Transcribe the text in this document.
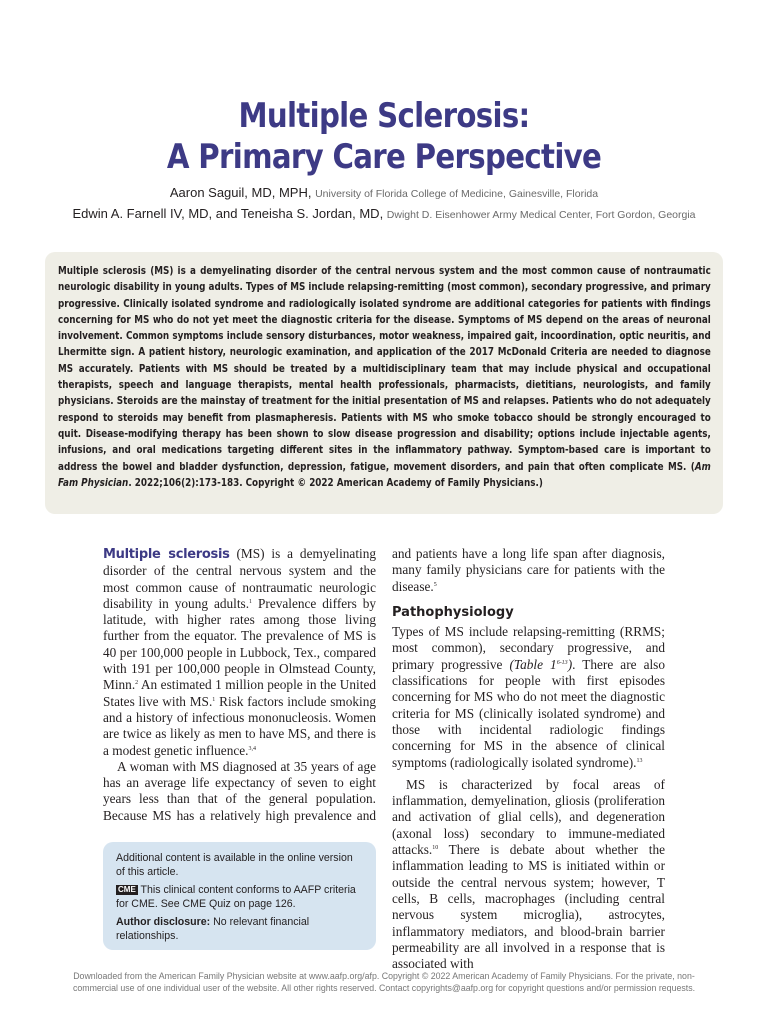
Multiple Sclerosis:
A Primary Care Perspective
Aaron Saguil, MD, MPH, University of Florida College of Medicine, Gainesville, Florida
Edwin A. Farnell IV, MD, and Teneisha S. Jordan, MD, Dwight D. Eisenhower Army Medical Center, Fort Gordon, Georgia
Multiple sclerosis (MS) is a demyelinating disorder of the central nervous system and the most common cause of nontraumatic neurologic disability in young adults. Types of MS include relapsing-remitting (most common), secondary progressive, and primary progressive. Clinically isolated syndrome and radiologically isolated syndrome are additional categories for patients with findings concerning for MS who do not yet meet the diagnostic criteria for the disease. Symptoms of MS depend on the areas of neuronal involvement. Common symptoms include sensory disturbances, motor weakness, impaired gait, incoordination, optic neuritis, and Lhermitte sign. A patient history, neurologic examination, and application of the 2017 McDonald Criteria are needed to diagnose MS accurately. Patients with MS should be treated by a multidisciplinary team that may include physical and occupational therapists, speech and language therapists, mental health professionals, pharmacists, dietitians, neurologists, and family physicians. Steroids are the mainstay of treatment for the initial presentation of MS and relapses. Patients who do not adequately respond to steroids may benefit from plasmapheresis. Patients with MS who smoke tobacco should be strongly encouraged to quit. Disease-modifying therapy has been shown to slow disease progression and disability; options include injectable agents, infusions, and oral medications targeting different sites in the inflammatory pathway. Symptom-based care is important to address the bowel and bladder dysfunction, depression, fatigue, movement disorders, and pain that often complicate MS. (Am Fam Physician. 2022;106(2):173-183. Copyright © 2022 American Academy of Family Physicians.)

Multiple sclerosis (MS) is a demyelinating disorder of the central nervous system and the most common cause of nontraumatic neurologic disability in young adults.$^1$ Prevalence differs by latitude, with higher rates among those living further from the equator. The prevalence of MS is 40 per 100,000 people in Lubbock, Tex., compared with 191 per 100,000 people in Olmstead County, Minn.$^2$ An estimated 1 million people in the United States live with MS.$^1$ Risk factors include smoking and a history of infectious mononucleosis. Women are twice as likely as men to have MS, and there is a modest genetic influence.$^{3,4}$

A woman with MS diagnosed at 35 years of age has an average life expectancy of seven to eight years less than that of the general population. Because MS has a relatively high prevalence and

and patients have a long life span after diagnosis, many family physicians care for patients with the disease.$^5$

Pathophysiology

Types of MS include relapsing-remitting (RRMS; most common), secondary progressive, and primary progressive (Table 1$^{6-13}$). There are also classifications for people with first episodes concerning for MS who do not meet the diagnostic criteria for MS (clinically isolated syndrome) and those with incidental radiologic findings concerning for MS in the absence of clinical symptoms (radiologically isolated syndrome).$^{13}$

MS is characterized by focal areas of inflammation, demyelination, gliosis (proliferation and activation of glial cells), and degeneration (axonal loss) secondary to immune-mediated attacks.$^{10}$ There is debate about whether the inflammation leading to MS is initiated within or outside the central nervous system; however, T cells, B cells, macrophages (including central nervous system microglia), astrocytes, inflammatory mediators, and blood-brain barrier permeability are all involved in a response that is associated with

Additional content is available in the online version of this article.

CME This clinical content conforms to AAFP criteria for CME. See CME Quiz on page 126.

Author disclosure: No relevant financial relationships.

Downloaded from the American Family Physician website at www.aafp.org/afp. Copyright © 2022 American Academy of Family Physicians. For the private, non-
commercial use of one individual user of the website. All other rights reserved. Contact copyrights@aafp.org for copyright questions and/or permission requests.
